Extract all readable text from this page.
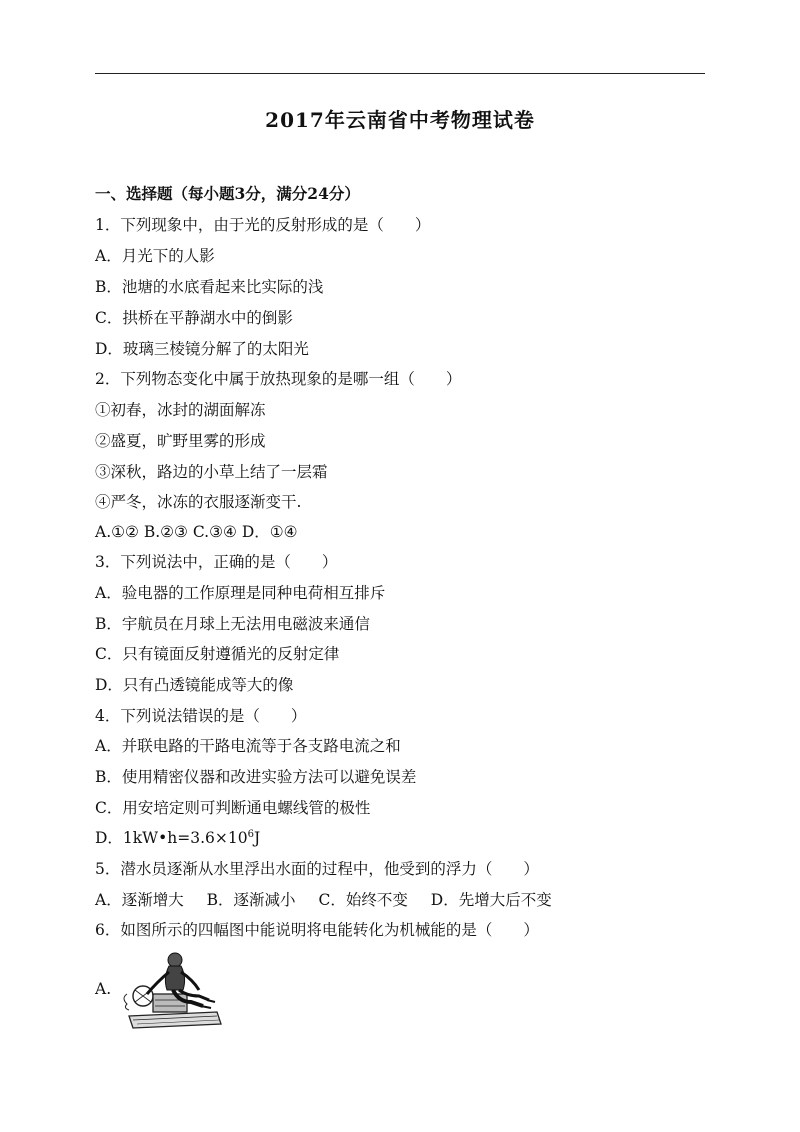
2017年云南省中考物理试卷
一、选择题（每小题3分，满分24分）
1．下列现象中，由于光的反射形成的是（　　）
A．月光下的人影
B．池塘的水底看起来比实际的浅
C．拱桥在平静湖水中的倒影
D．玻璃三棱镜分解了的太阳光
2．下列物态变化中属于放热现象的是哪一组（　　）
①初春，冰封的湖面解冻
②盛夏，旷野里雾的形成
③深秋，路边的小草上结了一层霜
④严冬，冰冻的衣服逐渐变干.
A.①② B.②③ C.③④ D．①④
3．下列说法中，正确的是（　　）
A．验电器的工作原理是同种电荷相互排斥
B．宇航员在月球上无法用电磁波来通信
C．只有镜面反射遵循光的反射定律
D．只有凸透镜能成等大的像
4．下列说法错误的是（　　）
A．并联电路的干路电流等于各支路电流之和
B．使用精密仪器和改进实验方法可以避免误差
C．用安培定则可判断通电螺线管的极性
D．$1kW•h=3.6\times 10^6J$
5．潜水员逐渐从水里浮出水面的过程中，他受到的浮力（　　）
A．逐渐增大 B．逐渐减小 C．始终不变 D．先增大后不变
6．如图所示的四幅图中能说明将电能转化为机械能的是（　　）
A.
